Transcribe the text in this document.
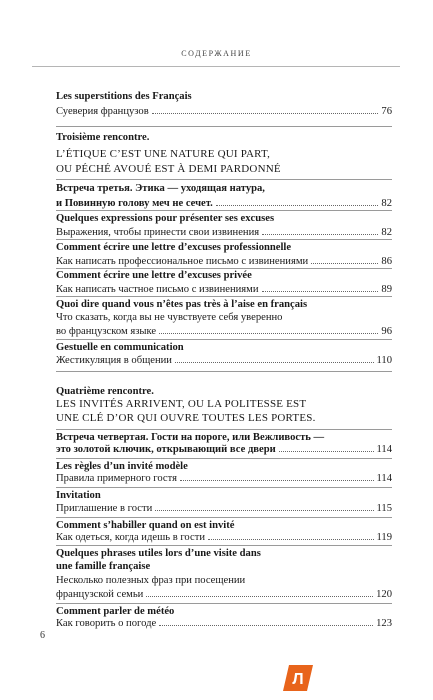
СОДЕРЖАНИЕ
Les superstitions des Français
Суеверия французов	76
Troisième rencontre.
L’ÉTIQUE C’EST UNE NATURE QUI PART,
OU PÉCHÉ AVOUÉ EST À DEMI PARDONNÉ
Встреча третья. Этика — уходящая натура,
и Повинную голову меч не сечет.	82
Quelques expressions pour présenter ses excuses
Выражения, чтобы принести свои извинения	82
Comment écrire une lettre d’excuses professionnelle
Как написать профессиональное письмо с извинениями	86
Comment écrire une lettre d’excuses privée
Как написать частное письмо с извинениями	89
Quoi dire quand vous n’êtes pas très à l’aise en français
Что сказать, когда вы не чувствуете себя уверенно
во французском языке	96
Gestuelle en communication
Жестикуляция в общении	110
Quatrième rencontre.
LES INVITÉS ARRIVENT, OU LA POLITESSE EST
UNE CLÉ D’OR QUI OUVRE TOUTES LES PORTES.
Встреча четвертая. Гости на пороге, или Вежливость —
это золотой ключик, открывающий все двери	114
Les règles d’un invité modèle
Правила примерного гостя	114
Invitation
Приглашение в гости	115
Comment s’habiller quand on est invité
Как одеться, когда идешь в гости	119
Quelques phrases utiles lors d’une visite dans
une famille française
Несколько полезных фраз при посещении
французской семьи	120
Comment parler de météo
Как говорить о погоде	123
6
Л
